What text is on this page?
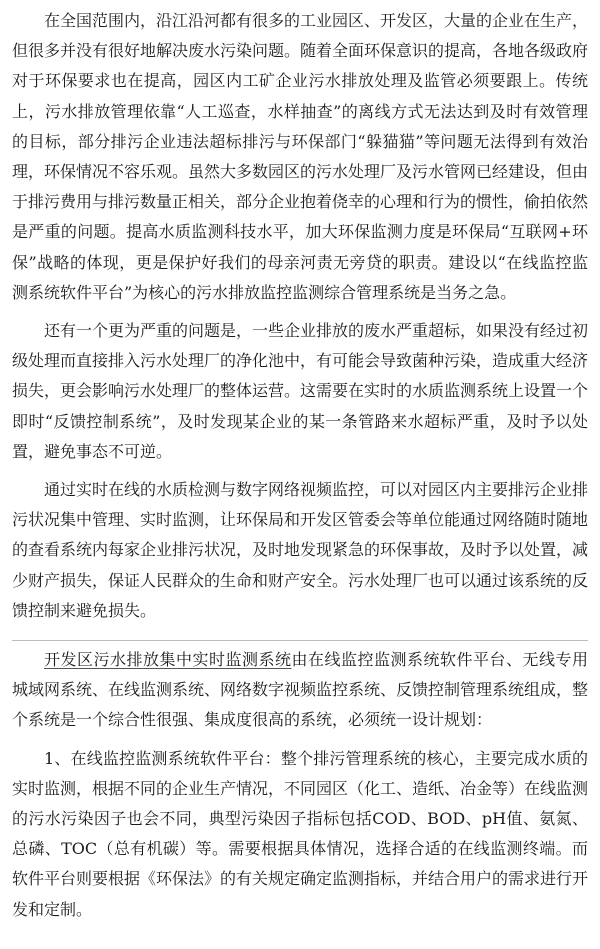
在全国范围内，沿江沿河都有很多的工业园区、开发区，大量的企业在生产，但很多并没有很好地解决废水污染问题。随着全面环保意识的提高，各地各级政府对于环保要求也在提高，园区内工矿企业污水排放处理及监管必须要跟上。传统上，污水排放管理依靠“人工巡查，水样抽查”的离线方式无法达到及时有效管理的目标，部分排污企业违法超标排污与环保部门“躲猫猫”等问题无法得到有效治理，环保情况不容乐观。虽然大多数园区的污水处理厂及污水管网已经建设，但由于排污费用与排污数量正相关，部分企业抱着侥幸的心理和行为的惯性，偷拍依然是严重的问题。提高水质监测科技水平，加大环保监测力度是环保局“互联网+环保”战略的体现，更是保护好我们的母亲河责无旁贷的职责。建设以“在线监控监测系统软件平台”为核心的污水排放监控监测综合管理系统是当务之急。

还有一个更为严重的问题是，一些企业排放的废水严重超标，如果没有经过初级处理而直接排入污水处理厂的净化池中，有可能会导致菌种污染，造成重大经济损失，更会影响污水处理厂的整体运营。这需要在实时的水质监测系统上设置一个即时“反馈控制系统”，及时发现某企业的某一条管路来水超标严重，及时予以处置，避免事态不可逆。

通过实时在线的水质检测与数字网络视频监控，可以对园区内主要排污企业排污状况集中管理、实时监测，让环保局和开发区管委会等单位能通过网络随时随地的查看系统内每家企业排污状况，及时地发现紧急的环保事故，及时予以处置，减少财产损失，保证人民群众的生命和财产安全。污水处理厂也可以通过该系统的反馈控制来避免损失。

开发区污水排放集中实时监测系统由在线监控监测系统软件平台、无线专用城域网系统、在线监测系统、网络数字视频监控系统、反馈控制管理系统组成，整个系统是一个综合性很强、集成度很高的系统，必须统一设计规划：

1、在线监控监测系统软件平台：整个排污管理系统的核心，主要完成水质的实时监测，根据不同的企业生产情况，不同园区（化工、造纸、冶金等）在线监测的污水污染因子也会不同，典型污染因子指标包括COD、BOD、pH值、氨氮、总磷、TOC（总有机碳）等。需要根据具体情况，选择合适的在线监测终端。而软件平台则要根据《环保法》的有关规定确定监测指标，并结合用户的需求进行开发和定制。
